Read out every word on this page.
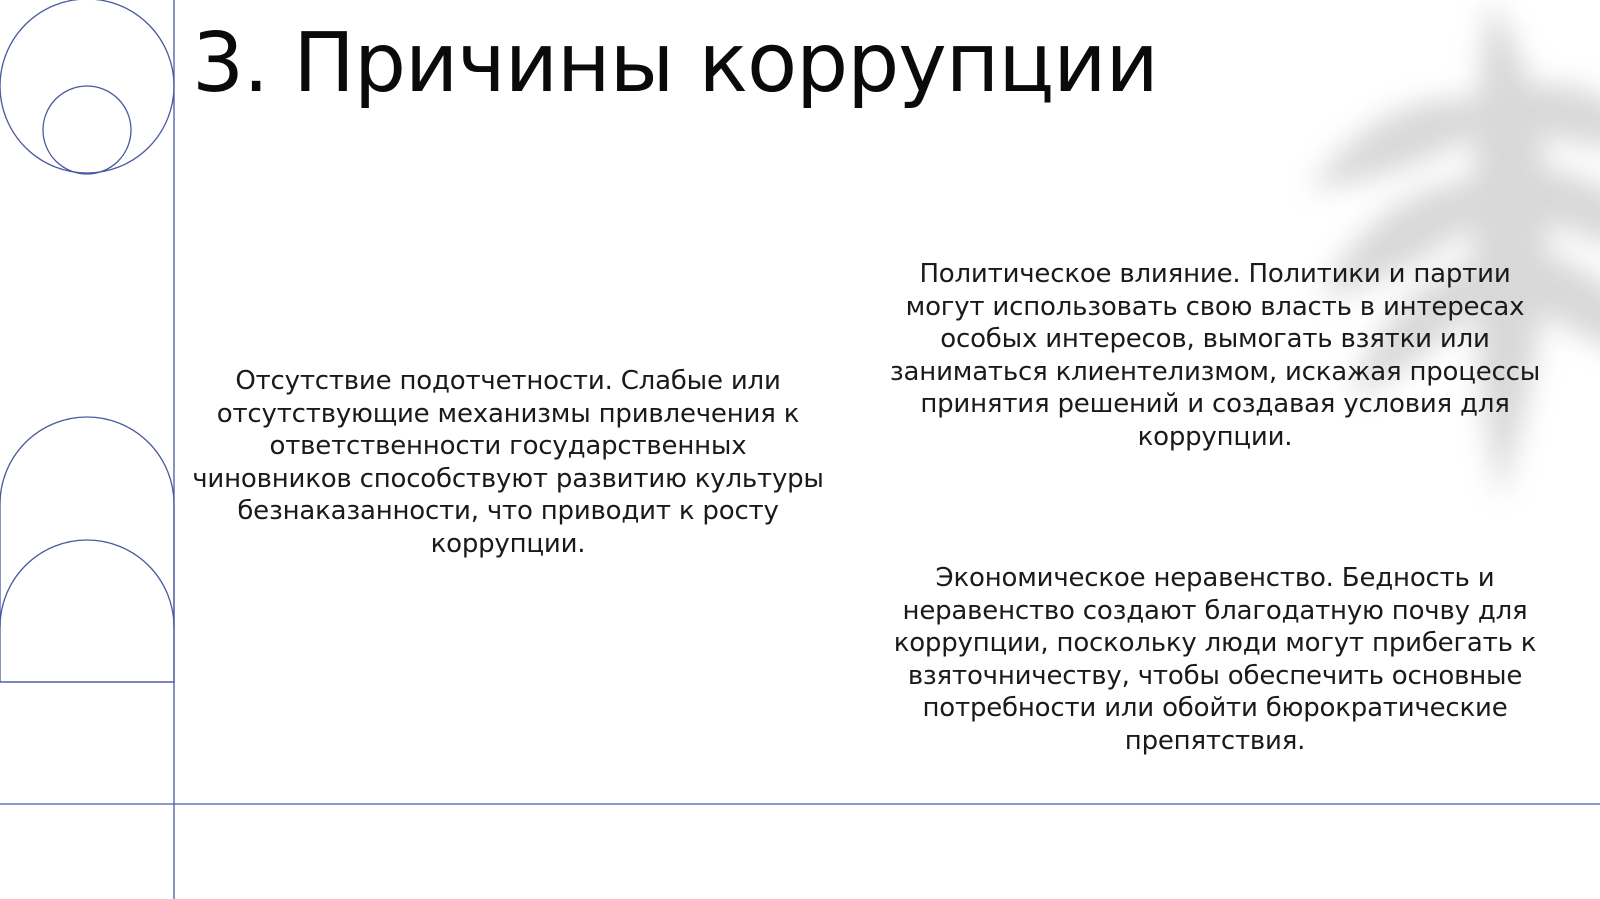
3. Причины коррупции

Отсутствие подотчетности. Слабые или отсутствующие механизмы привлечения к ответственности государственных чиновников способствуют развитию культуры безнаказанности, что приводит к росту коррупции.

Политическое влияние. Политики и партии могут использовать свою власть в интересах особых интересов, вымогать взятки или заниматься клиентелизмом, искажая процессы принятия решений и создавая условия для коррупции.

Экономическое неравенство. Бедность и неравенство создают благодатную почву для коррупции, поскольку люди могут прибегать к взяточничеству, чтобы обеспечить основные потребности или обойти бюрократические препятствия.
